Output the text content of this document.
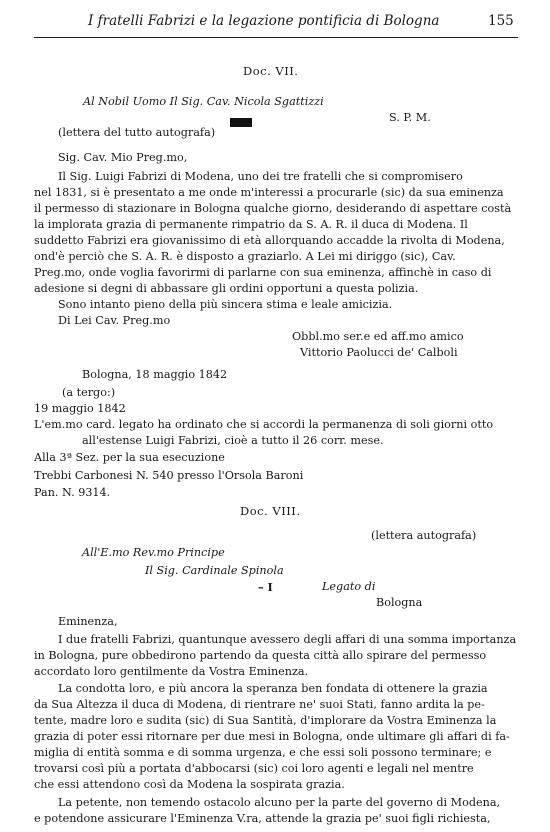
I fratelli Fabrizi e la legazione pontificia di Bologna	155
Doc. VII.
Al Nobil Uomo Il Sig. Cav. Nicola Sgattizzi
S. P. M.
(lettera del tutto autografa)
Sig. Cav. Mio Preg.mo,
Il Sig. Luigi Fabrizi di Modena, uno dei tre fratelli che si compromisero
nel 1831, si è presentato a me onde m'interessi a procurarle (sic) da sua eminenza
il permesso di stazionare in Bologna qualche giorno, desiderando di aspettare costà
la implorata grazia di permanente rimpatrio da S. A. R. il duca di Modena. Il
suddetto Fabrizi era giovanissimo di età allorquando accadde la rivolta di Modena,
ond'è perciò che S. A. R. è disposto a graziarlo. A Lei mi diriggo (sic), Cav.
Preg.mo, onde voglia favorirmi di parlarne con sua eminenza, affinchè in caso di
adesione si degni di abbassare gli ordini opportuni a questa polizia.
Sono intanto pieno della più sincera stima e leale amicizia.
Di Lei Cav. Preg.mo
Obbl.mo ser.e ed aff.mo amico
Vittorio Paolucci de' Calboli
Bologna, 18 maggio 1842
(a tergo:)
19 maggio 1842
L'em.mo card. legato ha ordinato che si accordi la permanenza di soli giorni otto
all'estense Luigi Fabrizi, cioè a tutto il 26 corr. mese.
Alla 3ª Sez. per la sua esecuzione
Trebbi Carbonesi N. 540 presso l'Orsola Baroni
Pan. N. 9314.
Doc. VIII.
(lettera autografa)
All'E.mo Rev.mo Principe
Il Sig. Cardinale Spinola
– I	Legato di
Bologna
Eminenza,
I due fratelli Fabrizi, quantunque avessero degli affari di una somma importanza
in Bologna, pure obbedirono partendo da questa città allo spirare del permesso
accordato loro gentilmente da Vostra Eminenza.
La condotta loro, e più ancora la speranza ben fondata di ottenere la grazia
da Sua Altezza il duca di Modena, di rientrare ne' suoi Stati, fanno ardita la pe-
tente, madre loro e sudita (sic) di Sua Santità, d'implorare da Vostra Eminenza la
grazia di poter essi ritornare per due mesi in Bologna, onde ultimare gli affari di fa-
miglia di entità somma e di somma urgenza, e che essi soli possono terminare; e
trovarsi così più a portata d'abbocarsi (sic) coi loro agenti e legali nel mentre
che essi attendono così da Modena la sospirata grazia.
La petente, non temendo ostacolo alcuno per la parte del governo di Modena,
e potendone assicurare l'Eminenza V.ra, attende la grazia pe' suoi figli richiesta,
